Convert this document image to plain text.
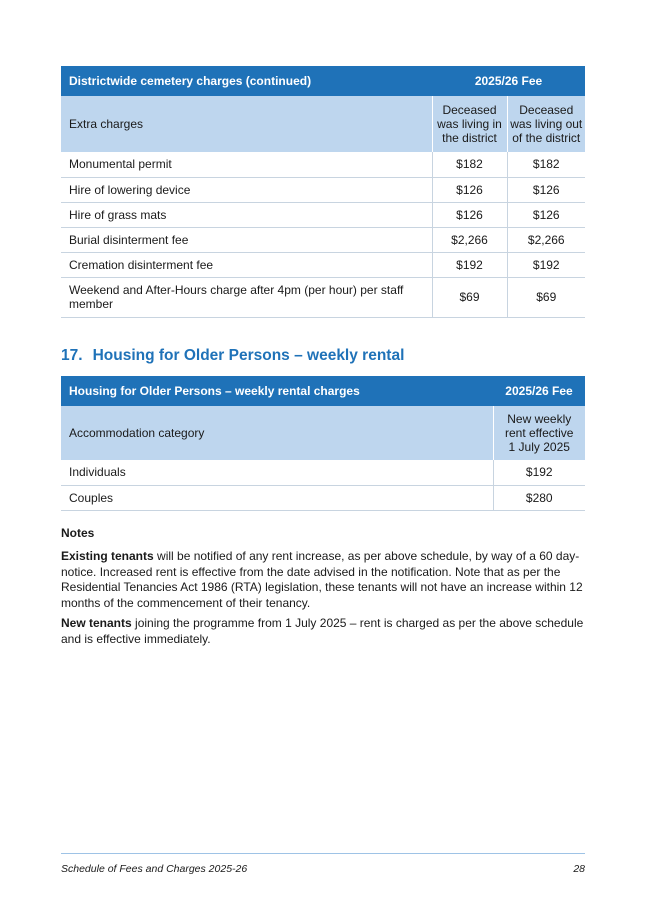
Districtwide cemetery charges (continued)	2025/26 Fee	
Extra charges	Deceased was living in the district	Deceased was living out of the district
Monumental permit	$182	$182
Hire of lowering device	$126	$126
Hire of grass mats	$126	$126
Burial disinterment fee	$2,266	$2,266
Cremation disinterment fee	$192	$192
Weekend and After-Hours charge after 4pm (per hour) per staff member	$69	$69
17. Housing for Older Persons – weekly rental
Housing for Older Persons – weekly rental charges	2025/26 Fee
Accommodation category	New weekly rent effective 1 July 2025
Individuals	$192
Couples	$280
Notes
Existing tenants will be notified of any rent increase, as per above schedule, by way of a 60 day-notice. Increased rent is effective from the date advised in the notification. Note that as per the Residential Tenancies Act 1986 (RTA) legislation, these tenants will not have an increase within 12 months of the commencement of their tenancy.
New tenants joining the programme from 1 July 2025 – rent is charged as per the above schedule and is effective immediately.
Schedule of Fees and Charges 2025-26	28
